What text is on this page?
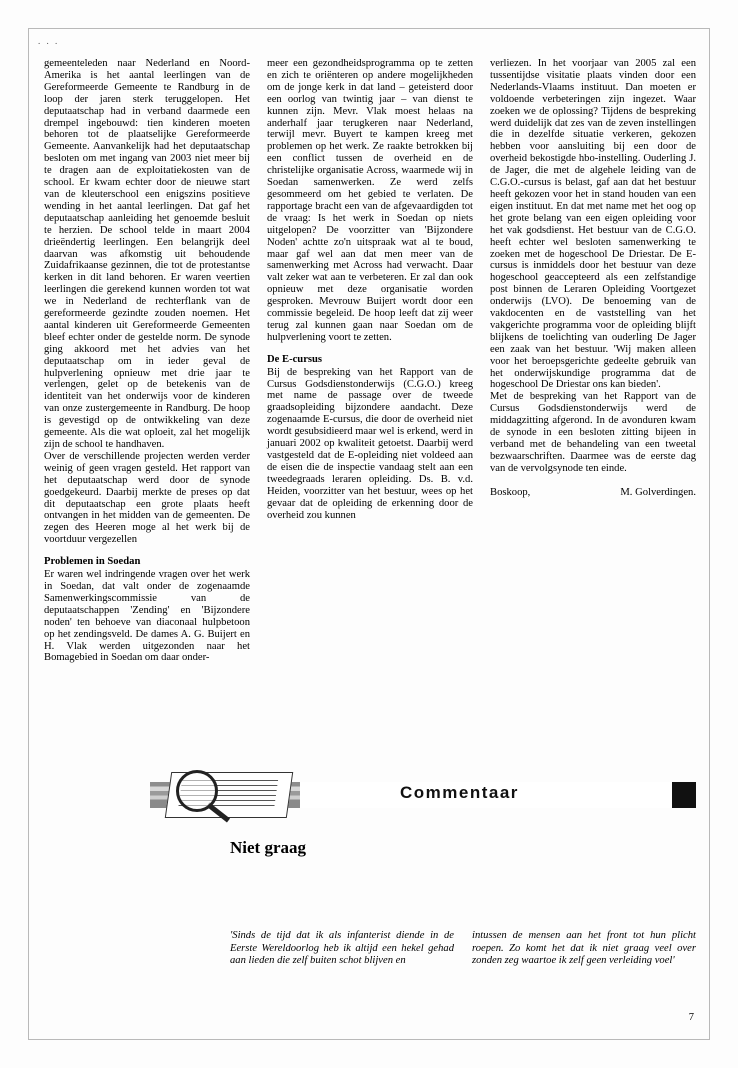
. . .

gemeenteleden naar Nederland en Noord-Amerika is het aantal leerlingen van de Gereformeerde Gemeente te Randburg in de loop der jaren sterk teruggelopen. Het deputaatschap had in verband daarmede een drempel ingebouwd: tien kinderen moeten behoren tot de plaatselijke Gereformeerde Gemeente. Aanvankelijk had het deputaatschap besloten om met ingang van 2003 niet meer bij te dragen aan de exploitatiekosten van de school. Er kwam echter door de nieuwe start van de kleuterschool een enigszins positieve wending in het aantal leerlingen. Dat gaf het deputaatschap aanleiding het genoemde besluit te herzien. De school telde in maart 2004 drieëndertig leerlingen. Een belangrijk deel daarvan was afkomstig uit behoudende Zuidafrikaanse gezinnen, die tot de protestantse kerken in dit land behoren. Er waren veertien leerlingen die gerekend kunnen worden tot wat we in Nederland de rechterflank van de gereformeerde gezindte zouden noemen. Het aantal kinderen uit Gereformeerde Gemeenten bleef echter onder de gestelde norm. De synode ging akkoord met het advies van het deputaatschap om in ieder geval de hulpverlening opnieuw met drie jaar te verlengen, gelet op de betekenis van de identiteit van het onderwijs voor de kinderen van onze zustergemeente in Randburg. De hoop is gevestigd op de ontwikkeling van deze gemeente. Als die wat oploeit, zal het mogelijk zijn de school te handhaven.

Over de verschillende projecten werden verder weinig of geen vragen gesteld. Het rapport van het deputaatschap werd door de synode goedgekeurd. Daarbij merkte de preses op dat dit deputaatschap een grote plaats heeft ontvangen in het midden van de gemeenten. De zegen des Heeren moge al het werk bij de voortduur vergezellen

Problemen in Soedan

Er waren wel indringende vragen over het werk in Soedan, dat valt onder de zogenaamde Samenwerkingscommissie van de deputaatschappen 'Zending' en 'Bijzondere noden' ten behoeve van diaconaal hulpbetoon op het zendingsveld. De dames A. G. Buijert en H. Vlak werden uitgezonden naar het Bomagebied in Soedan om daar onder-

meer een gezondheidsprogramma op te zetten en zich te oriënteren op andere mogelijkheden om de jonge kerk in dat land – geteisterd door een oorlog van twintig jaar – van dienst te kunnen zijn. Mevr. Vlak moest helaas na anderhalf jaar terugkeren naar Nederland, terwijl mevr. Buyert te kampen kreeg met problemen op het werk. Ze raakte betrokken bij een conflict tussen de overheid en de christelijke organisatie Across, waarmede wij in Soedan samenwerken. Ze werd zelfs gesommeerd om het gebied te verlaten. De rapportage bracht een van de afgevaardigden tot de vraag: Is het werk in Soedan op niets uitgelopen? De voorzitter van 'Bijzondere Noden' achtte zo'n uitspraak wat al te boud, maar gaf wel aan dat men meer van de samenwerking met Across had verwacht. Daar valt zeker wat aan te verbeteren. Er zal dan ook opnieuw met deze organisatie worden gesproken. Mevrouw Buijert wordt door een commissie begeleid. De hoop leeft dat zij weer terug zal kunnen gaan naar Soedan om de hulpverlening voort te zetten.

De E-cursus

Bij de bespreking van het Rapport van de Cursus Godsdienstonderwijs (C.G.O.) kreeg met name de passage over de tweede graadsopleiding bijzondere aandacht. Deze zogenaamde E-cursus, die door de overheid niet wordt gesubsidieerd maar wel is erkend, werd in januari 2002 op kwaliteit getoetst. Daarbij werd vastgesteld dat de E-opleiding niet voldeed aan de eisen die de inspectie vandaag stelt aan een tweedegraads leraren opleiding. Ds. B. v.d. Heiden, voorzitter van het bestuur, wees op het gevaar dat de opleiding de erkenning door de overheid zou kunnen

verliezen. In het voorjaar van 2005 zal een tussentijdse visitatie plaats vinden door een Nederlands-Vlaams instituut. Dan moeten er voldoende verbeteringen zijn ingezet. Waar zoeken we de oplossing? Tijdens de bespreking werd duidelijk dat zes van de zeven instellingen die in dezelfde situatie verkeren, gekozen hebben voor aansluiting bij een door de overheid bekostigde hbo-instelling. Ouderling J. de Jager, die met de algehele leiding van de C.G.O.-cursus is belast, gaf aan dat het bestuur heeft gekozen voor het in stand houden van een eigen instituut. En dat met name met het oog op het grote belang van een eigen opleiding voor het vak godsdienst. Het bestuur van de C.G.O. heeft echter wel besloten samenwerking te zoeken met de hogeschool De Driestar. De E-cursus is inmiddels door het bestuur van deze hogeschool geaccepteerd als een zelfstandige post binnen de Leraren Opleiding Voortgezet onderwijs (LVO). De benoeming van de vakdocenten en de vaststelling van het vakgerichte programma voor de opleiding blijft blijkens de toelichting van ouderling De Jager een zaak van het bestuur. 'Wij maken alleen voor het beroepsgerichte gedeelte gebruik van het onderwijskundige programma dat de hogeschool De Driestar ons kan bieden'.

Met de bespreking van het Rapport van de Cursus Godsdienstonderwijs werd de middagzitting afgerond. In de avonduren kwam de synode in een besloten zitting bijeen in verband met de behandeling van een tweetal bezwaarschriften. Daarmee was de eerste dag van de vervolgsynode ten einde.

Boskoop,	M. Golverdingen.
Commentaar
Niet graag
'Sinds de tijd dat ik als infanterist diende in de Eerste Wereldoorlog heb ik altijd een hekel gehad aan lieden die zelf buiten schot blijven en
intussen de mensen aan het front tot hun plicht roepen. Zo komt het dat ik niet graag veel over zonden zeg waartoe ik zelf geen verleiding voel'
7
